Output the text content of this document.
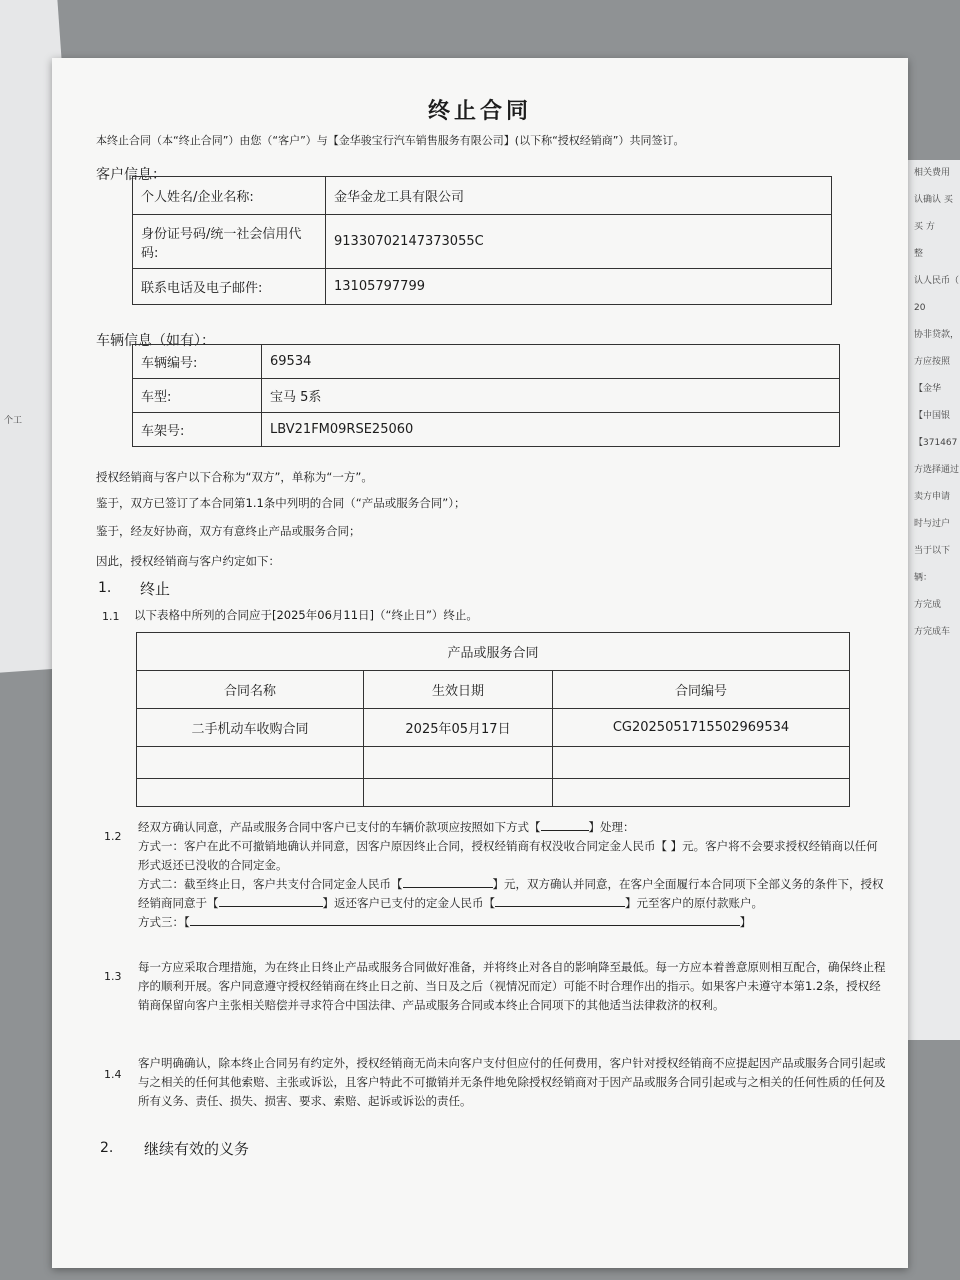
个工
相关费用
认确认 买
买 方
整
认人民币（
20
协非贷款，
方应按照
【金华
【中国银
【371467
方选择通过
卖方申请
时与过户
当于以下
辆：
方完成
方完成车
终止合同
本终止合同（本“终止合同”）由您（“客户”）与【金华骏宝行汽车销售服务有限公司】(以下称“授权经销商”）共同签订。
客户信息：
个人姓名/企业名称:	金华金龙工具有限公司
身份证号码/统一社会信用代码:	91330702147373055C
联系电话及电子邮件:	13105797799
车辆信息（如有）：
车辆编号:	69534
车型:	宝马 5系
车架号:	LBV21FM09RSE25060
授权经销商与客户以下合称为“双方”，单称为“一方”。
鉴于，双方已签订了本合同第1.1条中列明的合同（“产品或服务合同”）；
鉴于，经友好协商，双方有意终止产品或服务合同；
因此，授权经销商与客户约定如下：
1. 终止
1.1 以下表格中所列的合同应于[2025年06月11日]（“终止日”）终止。
产品或服务合同		
合同名称	生效日期	合同编号
二手机动车收购合同	2025年05月17日	CG20250517155029695​34

1.2
经双方确认同意，产品或服务合同中客户已支付的车辆价款项应按照如下方式【	】处理：
方式一：客户在此不可撤销地确认并同意，因客户原因终止合同，授权经销商有权没收合同定金人民币【 】元。客户将不会要求授权经销商以任何形式返还已没收的合同定金。
方式二：截至终止日，客户共支付合同定金人民币【	】元，双方确认并同意，在客户全面履行本合同项下全部义务的条件下，授权经销商同意于【	】返还客户已支付的定金人民币【	】元至客户的原付款账户。
方式三：【	】
1.3
每一方应采取合理措施，为在终止日终止产品或服务合同做好准备，并将终止对各自的影响降至最低。每一方应本着善意原则相互配合，确保终止程序的顺利开展。客户同意遵守授权经销商在终止日之前、当日及之后（视情况而定）可能不时合理作出的指示。如果客户未遵守本第1.2条，授权经销商保留向客户主张相关赔偿并寻求符合中国法律、产品或服务合同或本终止合同项下的其他适当法律救济的权利。
1.4
客户明确确认，除本终止合同另有约定外，授权经销商无尚未向客户支付但应付的任何费用，客户针对授权经销商不应提起因产品或服务合同引起或与之相关的任何其他索赔、主张或诉讼，且客户特此不可撤销并无条件地免除授权经销商对于因产品或服务合同引起或与之相关的任何性质的任何及所有义务、责任、损失、损害、要求、索赔、起诉或诉讼的责任。
2. 继续有效的义务
